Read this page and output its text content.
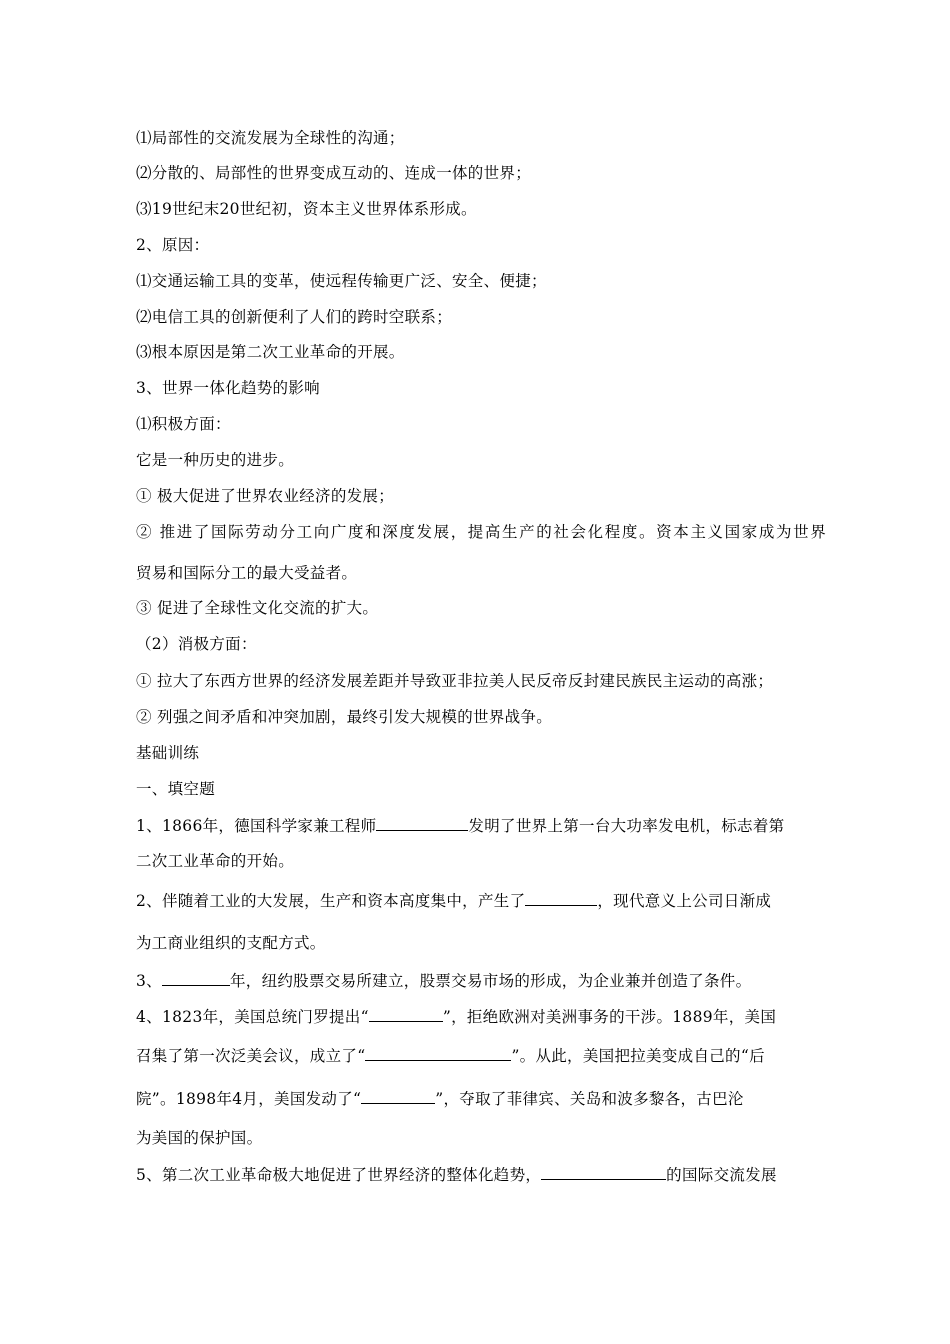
⑴局部性的交流发展为全球性的沟通；
⑵分散的、局部性的世界变成互动的、连成一体的世界；
⑶19世纪末20世纪初，资本主义世界体系形成。
2、原因：
⑴交通运输工具的变革，使远程传输更广泛、安全、便捷；
⑵电信工具的创新便利了人们的跨时空联系；
⑶根本原因是第二次工业革命的开展。
3、世界一体化趋势的影响
⑴积极方面：
它是一种历史的进步。
① 极大促进了世界农业经济的发展；
② 推进了国际劳动分工向广度和深度发展，提高生产的社会化程度。资本主义国家成为世界
贸易和国际分工的最大受益者。
③ 促进了全球性文化交流的扩大。
（2）消极方面：
① 拉大了东西方世界的经济发展差距并导致亚非拉美人民反帝反封建民族民主运动的高涨；
② 列强之间矛盾和冲突加剧，最终引发大规模的世界战争。
基础训练
一、填空题
1、1866年，德国科学家兼工程师	发明了世界上第一台大功率发电机，标志着第
二次工业革命的开始。
2、伴随着工业的大发展，生产和资本高度集中，产生了	，现代意义上公司日渐成
为工商业组织的支配方式。
3、	年，纽约股票交易所建立，股票交易市场的形成，为企业兼并创造了条件。
4、1823年，美国总统门罗提出“	”，拒绝欧洲对美洲事务的干涉。1889年，美国
召集了第一次泛美会议，成立了“	”。从此，美国把拉美变成自己的“后
院”。1898年4月，美国发动了“	”，夺取了菲律宾、关岛和波多黎各，古巴沦
为美国的保护国。
5、第二次工业革命极大地促进了世界经济的整体化趋势，	的国际交流发展
